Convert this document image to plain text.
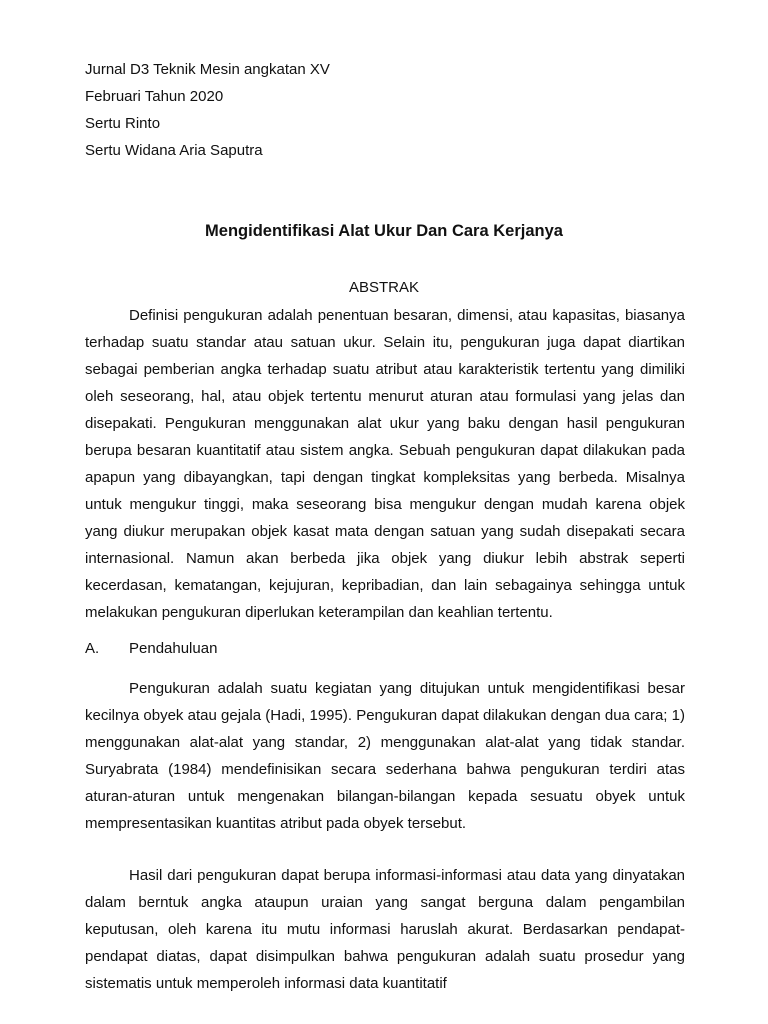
Jurnal D3 Teknik Mesin angkatan XV
Februari Tahun 2020
Sertu Rinto
Sertu Widana Aria Saputra
Mengidentifikasi Alat Ukur Dan Cara Kerjanya
ABSTRAK

Definisi pengukuran adalah penentuan besaran, dimensi, atau kapasitas, biasanya terhadap suatu standar atau satuan ukur. Selain itu, pengukuran juga dapat diartikan sebagai pemberian angka terhadap suatu atribut atau karakteristik tertentu yang dimiliki oleh seseorang, hal, atau objek tertentu menurut aturan atau formulasi yang jelas dan disepakati. Pengukuran menggunakan alat ukur yang baku dengan hasil pengukuran berupa besaran kuantitatif atau sistem angka. Sebuah pengukuran dapat dilakukan pada apapun yang dibayangkan, tapi dengan tingkat kompleksitas yang berbeda. Misalnya untuk mengukur tinggi, maka seseorang bisa mengukur dengan mudah karena objek yang diukur merupakan objek kasat mata dengan satuan yang sudah disepakati secara internasional. Namun akan berbeda jika objek yang diukur lebih abstrak seperti kecerdasan, kematangan, kejujuran, kepribadian, dan lain sebagainya sehingga untuk melakukan pengukuran diperlukan keterampilan dan keahlian tertentu.

A. Pendahuluan

Pengukuran adalah suatu kegiatan yang ditujukan untuk mengidentifikasi besar kecilnya obyek atau gejala (Hadi, 1995). Pengukuran dapat dilakukan dengan dua cara; 1) menggunakan alat-alat yang standar, 2) menggunakan alat-alat yang tidak standar. Suryabrata (1984) mendefinisikan secara sederhana bahwa pengukuran terdiri atas aturan-aturan untuk mengenakan bilangan-bilangan kepada sesuatu obyek untuk mempresentasikan kuantitas atribut pada obyek tersebut.

Hasil dari pengukuran dapat berupa informasi-informasi atau data yang dinyatakan dalam berntuk angka ataupun uraian yang sangat berguna dalam pengambilan keputusan, oleh karena itu mutu informasi haruslah akurat. Berdasarkan pendapat-pendapat diatas, dapat disimpulkan bahwa pengukuran adalah suatu prosedur yang sistematis untuk memperoleh informasi data kuantitatif
